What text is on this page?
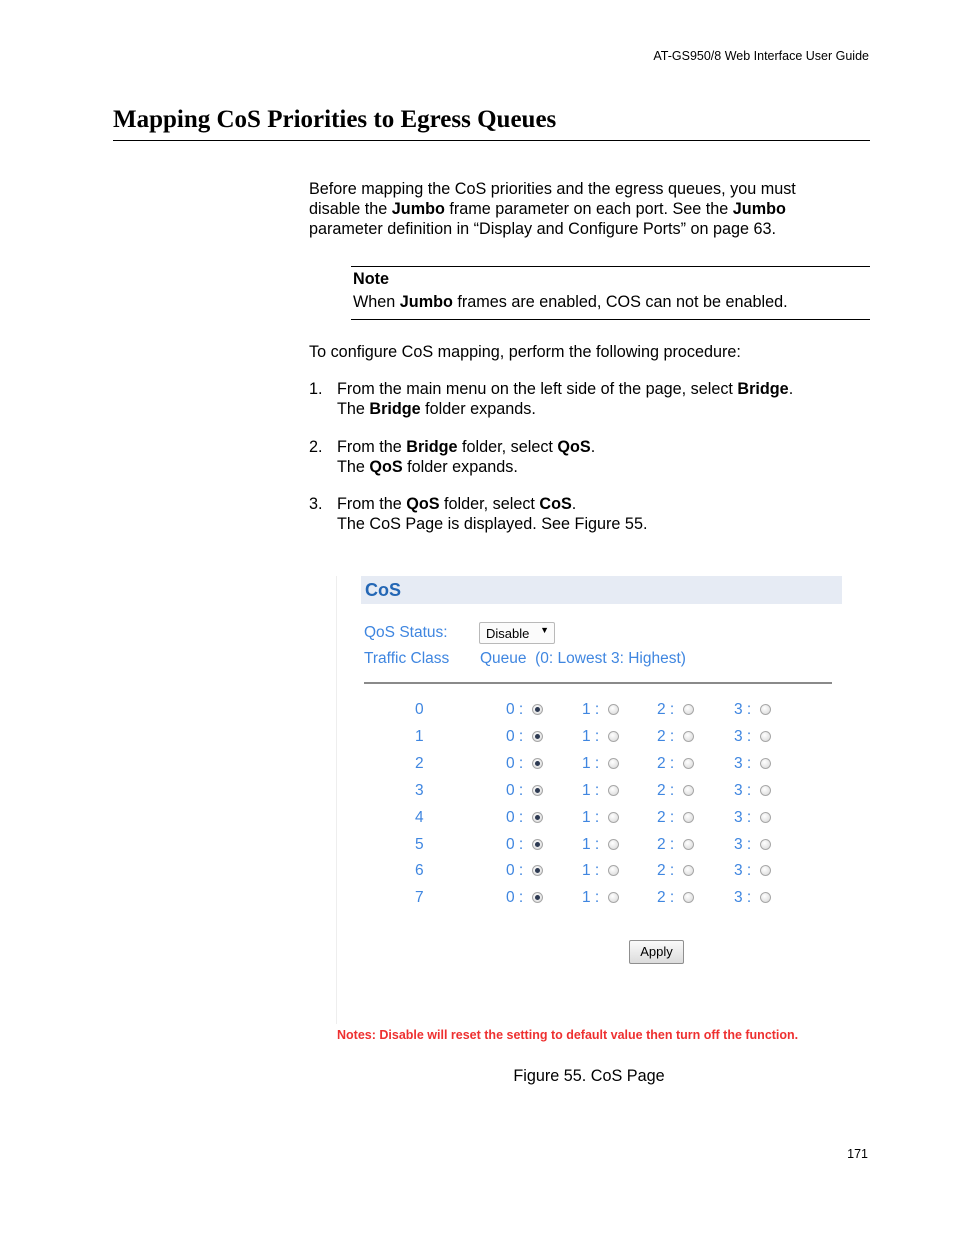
AT-GS950/8 Web Interface User Guide
Mapping CoS Priorities to Egress Queues
Before mapping the CoS priorities and the egress queues, you must disable the Jumbo frame parameter on each port. See the Jumbo parameter definition in “Display and Configure Ports” on page 63.
Note
When Jumbo frames are enabled, COS can not be enabled.
To configure CoS mapping, perform the following procedure:
1. From the main menu on the left side of the page, select Bridge.
The Bridge folder expands.
2. From the Bridge folder, select QoS.
The QoS folder expands.
3. From the QoS folder, select CoS.
The CoS Page is displayed. See Figure 55.
CoS
QoS Status:	Disable ▼
Traffic Class Queue  (0: Lowest 3: Highest)
0	0 :	1 :	2 :	3 :
1	0 :	1 :	2 :	3 :
2	0 :	1 :	2 :	3 :
3	0 :	1 :	2 :	3 :
4	0 :	1 :	2 :	3 :
5	0 :	1 :	2 :	3 :
6	0 :	1 :	2 :	3 :
7	0 :	1 :	2 :	3 :
Apply
Notes: Disable will reset the setting to default value then turn off the function.
Figure 55. CoS Page
171
